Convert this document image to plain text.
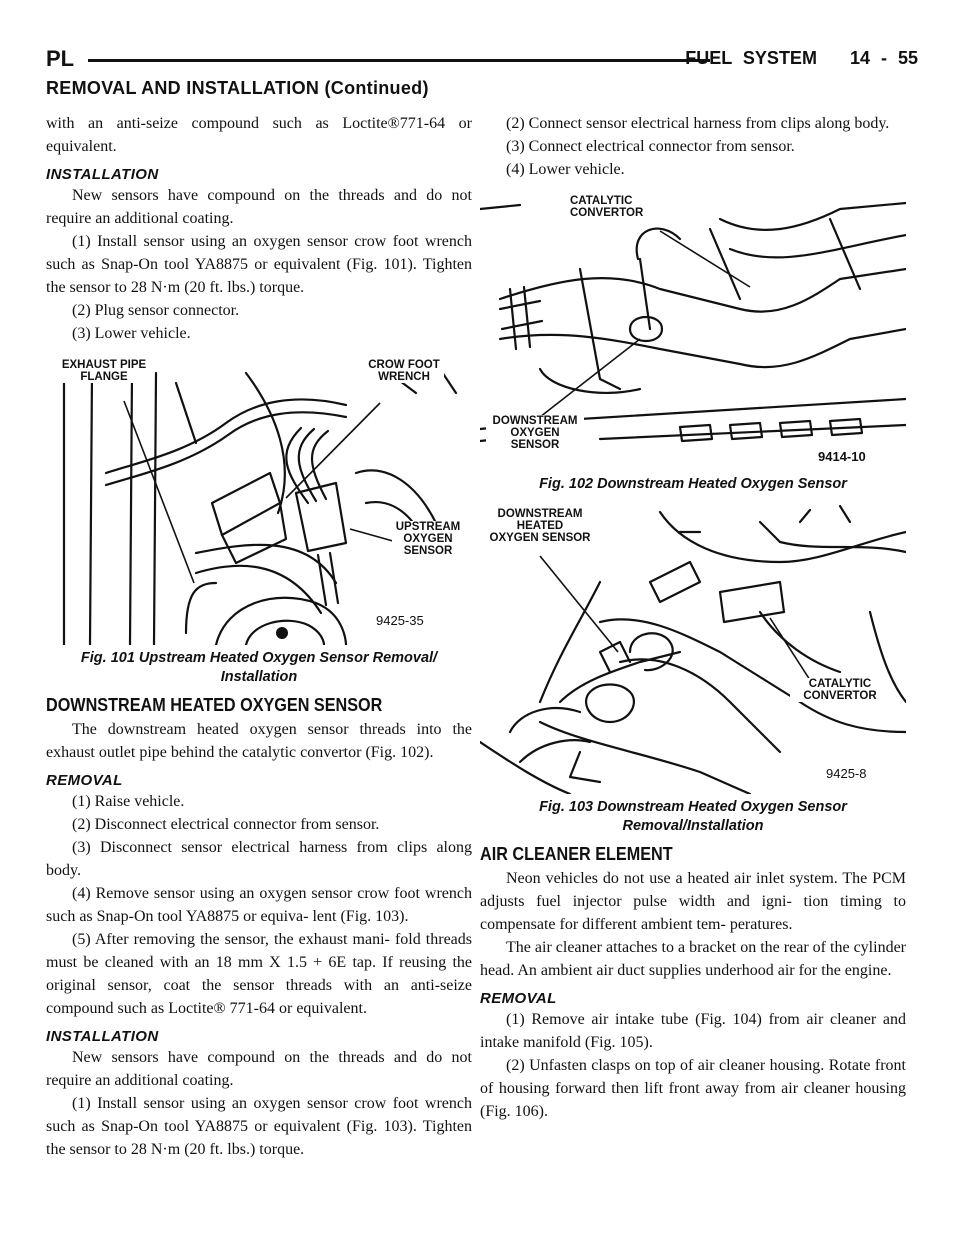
PL	FUEL SYSTEM 14 - 55
REMOVAL AND INSTALLATION (Continued)

with an anti-seize compound such as Loctite®771-64 or equivalent.

INSTALLATION

New sensors have compound on the threads and do not require an additional coating.

(1) Install sensor using an oxygen sensor crow foot wrench such as Snap-On tool YA8875 or equivalent (Fig. 101). Tighten the sensor to 28 N·m (20 ft. lbs.) torque.

(2) Plug sensor connector.

(3) Lower vehicle.

EXHAUST PIPE
FLANGE
CROW FOOT
WRENCH
UPSTREAM
OXYGEN
SENSOR
9425-35
Fig. 101 Upstream Heated Oxygen Sensor Removal/ Installation
DOWNSTREAM HEATED OXYGEN SENSOR

The downstream heated oxygen sensor threads into the exhaust outlet pipe behind the catalytic convertor (Fig. 102).

REMOVAL

(1) Raise vehicle.

(2) Disconnect electrical connector from sensor.

(3) Disconnect sensor electrical harness from clips along body.

(4) Remove sensor using an oxygen sensor crow foot wrench such as Snap-On tool YA8875 or equiva- lent (Fig. 103).

(5) After removing the sensor, the exhaust mani- fold threads must be cleaned with an 18 mm X 1.5 + 6E tap. If reusing the original sensor, coat the sensor threads with an anti-seize compound such as Loctite® 771-64 or equivalent.

INSTALLATION

New sensors have compound on the threads and do not require an additional coating.

(1) Install sensor using an oxygen sensor crow foot wrench such as Snap-On tool YA8875 or equivalent (Fig. 103). Tighten the sensor to 28 N·m (20 ft. lbs.) torque.

(2) Connect sensor electrical harness from clips along body.

(3) Connect electrical connector from sensor.

(4) Lower vehicle.

CATALYTIC
CONVERTOR
DOWNSTREAM
OXYGEN
SENSOR
9414-10
Fig. 102 Downstream Heated Oxygen Sensor
DOWNSTREAM
HEATED
OXYGEN SENSOR
CATALYTIC
CONVERTOR
9425-8
Fig. 103 Downstream Heated Oxygen Sensor Removal/Installation
AIR CLEANER ELEMENT

Neon vehicles do not use a heated air inlet system. The PCM adjusts fuel injector pulse width and igni- tion timing to compensate for different ambient tem- peratures.

The air cleaner attaches to a bracket on the rear of the cylinder head. An ambient air duct supplies underhood air for the engine.

REMOVAL

(1) Remove air intake tube (Fig. 104) from air cleaner and intake manifold (Fig. 105).

(2) Unfasten clasps on top of air cleaner housing. Rotate front of housing forward then lift front away from air cleaner housing (Fig. 106).
